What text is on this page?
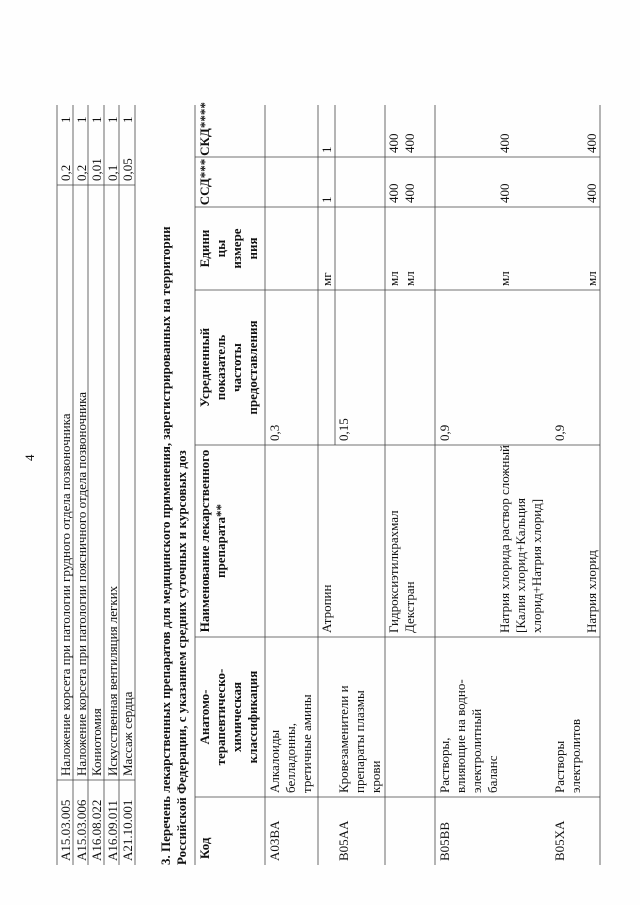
4
A15.03.005
Наложение корсета при патологии грудного отдела позвоночника
0,2
1
A15.03.006
Наложение корсета при патологии поясничного отдела позвоночника
0,2
1
A16.08.022
Кониотомия
0,01
1
A16.09.011
Искусственная вентиляция легких
0,1
1
A21.10.001
Массаж сердца
0,05
1
3. Перечень лекарственных препаратов для медицинского применения, зарегистрированных на территории Российской Федерации, с указанием средних суточных и курсовых доз Код
Анатомо- терапевтическо- химическая классификация
Наименование лекарственного препарата**
Усредненный показатель частоты предоставления
Едини цы измере ния
ССД***
СКД****
A03BA
Алкалоиды белладонны, третичные амины
0,3
Атропин
мг
1
1
B05AA
Кровезаменители и препараты плазмы крови
0,15
Гидроксиэтилкрахмал
мл
400
400
Декстран
мл
400
400
B05BB
Растворы, влияющие на водно- электролитный баланс
0,9
Натрия хлорида раствор сложный [Калия хлорид+Кальция хлорид+Натрия хлорид]
мл
400
400
B05XA
Растворы электролитов
0,9
Натрия хлорид
мл
400
400
